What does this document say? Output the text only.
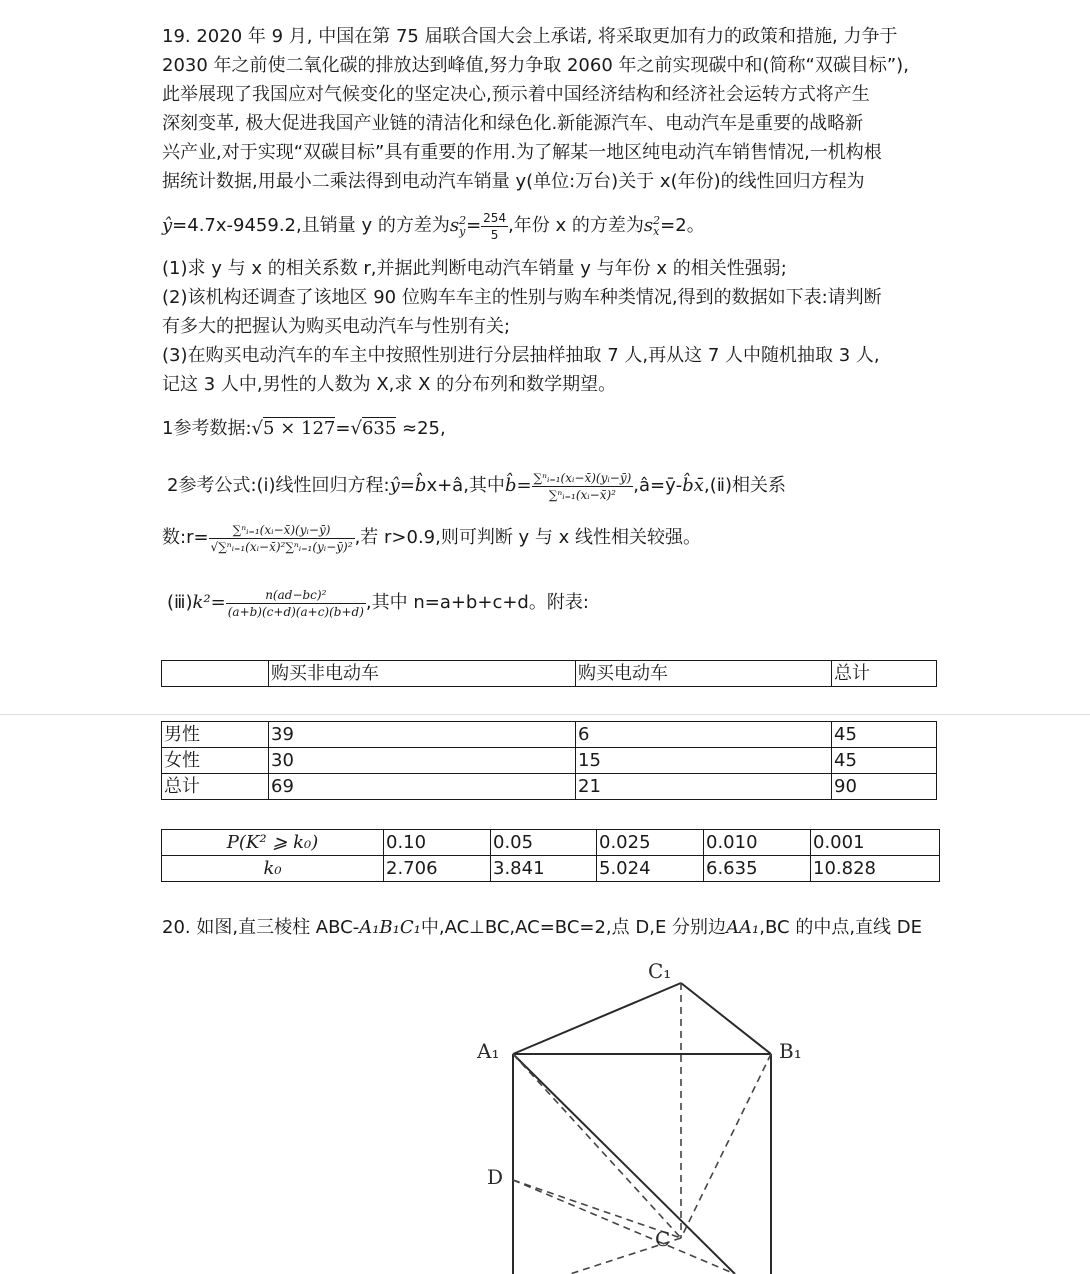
19. 2020 年 9 月, 中国在第 75 届联合国大会上承诺, 将采取更加有力的政策和措施, 力争于
2030 年之前使二氧化碳的排放达到峰值,努力争取 2060 年之前实现碳中和(简称“双碳目标”),
此举展现了我国应对气候变化的坚定决心,预示着中国经济结构和经济社会运转方式将产生
深刻变革, 极大促进我国产业链的清洁化和绿色化.新能源汽车、电动汽车是重要的战略新
兴产业,对于实现“双碳目标”具有重要的作用.为了解某一地区纯电动汽车销售情况,一机构根
据统计数据,用最小二乘法得到电动汽车销量 y(单位:万台)关于 x(年份)的线性回归方程为
ŷ=4.7x-9459.2,且销量 y 的方差为s 2
$y = \frac{254}{5}$ ,年份 x 的方差为s 2
x =2。
(1)求 y 与 x 的相关系数 r,并据此判断电动汽车销量 y 与年份 x 的相关性强弱;
(2)该机构还调查了该地区 90 位购车车主的性别与购车种类情况,得到的数据如下表:请判断
有多大的把握认为购买电动汽车与性别有关;
(3)在购买电动汽车的车主中按照性别进行分层抽样抽取 7 人,再从这 7 人中随机抽取 3 人,
记这 3 人中,男性的人数为 X,求 X 的分布列和数学期望。
1参考数据:√5 × 127=√635 ≈25,
2参考公式:(ⅰ)线性回归方程:ŷ=b̂x+â,其中b̂= $\frac{\text{∑ⁿᵢ₌₁(xᵢ−x̄)(yᵢ−ȳ)}}{\text{∑ⁿᵢ₌₁(xᵢ−x̄)²}}$ ,â=ȳ-b̂x̄,(ⅱ)相关系
数:r= $\frac{\text{∑ⁿᵢ₌₁(xᵢ−x̄)(yᵢ−ȳ)}}{\text{√∑ⁿᵢ₌₁(xᵢ−x̄)²∑ⁿᵢ₌₁(yᵢ−ȳ)²}}$ ,若 r>0.9,则可判断 y 与 x 线性相关较强。
(ⅲ)k²= $\frac{\text{n(ad−bc)²}}{(a+b)(c+d)(a+c)(b+d)}$ ,其中 n=a+b+c+d。附表:
	购买非电动车	购买电动车	总计
男性	39	6	45
女性	30	15	45
总计	69	21	90
P(K² ⩾ k₀)	0.10	0.05	0.025	0.010	0.001
k₀	2.706	3.841	5.024	6.635	10.828
20. 如图,直三棱柱 ABC-A₁B₁C₁中,AC⊥BC,AC=BC=2,点 D,E 分别边AA₁,BC 的中点,直线 DE
C₁
A₁	B₁
D
C
